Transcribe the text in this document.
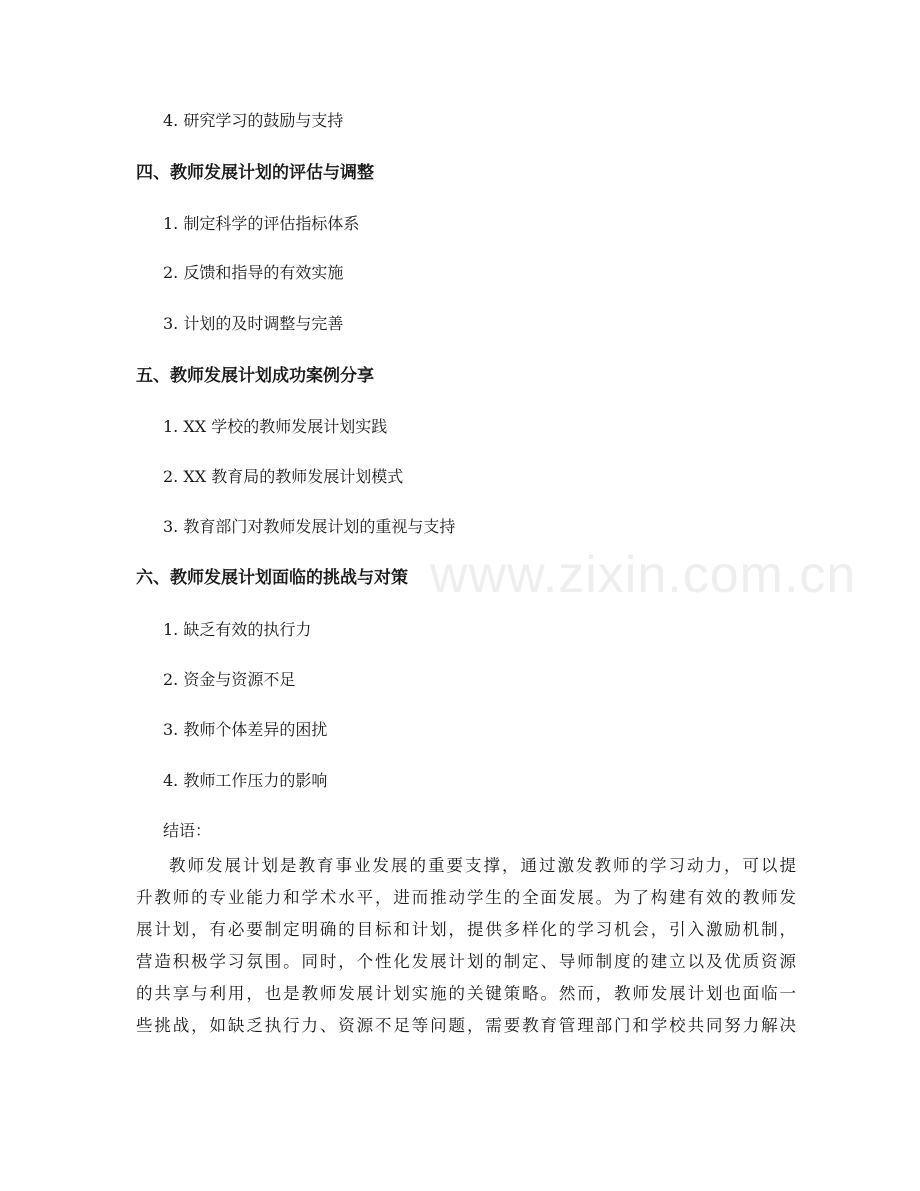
4. 研究学习的鼓励与支持
四、教师发展计划的评估与调整
1. 制定科学的评估指标体系
2. 反馈和指导的有效实施
3. 计划的及时调整与完善
五、教师发展计划成功案例分享
1. XX 学校的教师发展计划实践
2. XX 教育局的教师发展计划模式
3. 教育部门对教师发展计划的重视与支持
六、教师发展计划面临的挑战与对策
1. 缺乏有效的执行力
2. 资金与资源不足
3. 教师个体差异的困扰
4. 教师工作压力的影响
结语：
教师发展计划是教育事业发展的重要支撑，通过激发教师的学习动力，可以提
升教师的专业能力和学术水平，进而推动学生的全面发展。为了构建有效的教师发
展计划，有必要制定明确的目标和计划，提供多样化的学习机会，引入激励机制，
营造积极学习氛围。同时，个性化发展计划的制定、导师制度的建立以及优质资源
的共享与利用，也是教师发展计划实施的关键策略。然而，教师发展计划也面临一
些挑战，如缺乏执行力、资源不足等问题，需要教育管理部门和学校共同努力解决
www.zixin.com.cn
